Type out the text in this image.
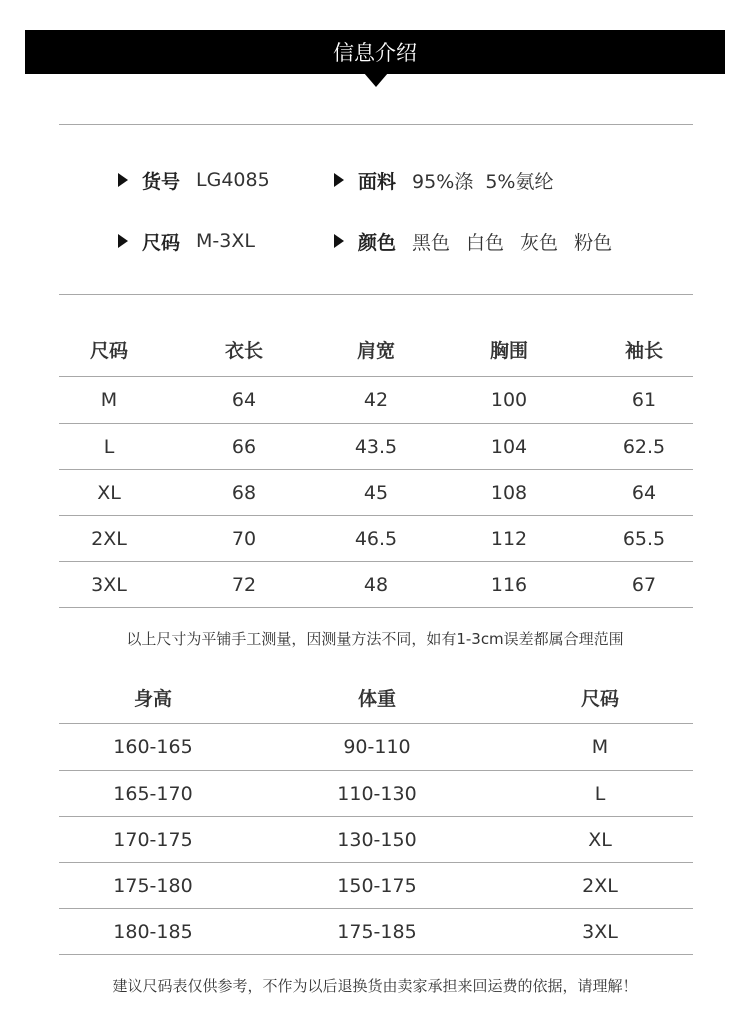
信息介绍
货号 LG4085	面料 95%涤  5%氨纶
尺码 M-3XL	颜色 黑色 白色 灰色 粉色
尺码	衣长	肩宽	胸围	袖长
M	64	42	100	61
L	66	43.5	104	62.5
XL	68	45	108	64
2XL	70	46.5	112	65.5
3XL	72	48	116	67
以上尺寸为平铺手工测量，因测量方法不同，如有1-3cm误差都属合理范围
身高	体重	尺码
160-165	90-110	M
165-170	110-130	L
170-175	130-150	XL
175-180	150-175	2XL
180-185	175-185	3XL
建议尺码表仅供参考，不作为以后退换货由卖家承担来回运费的依据，请理解！
